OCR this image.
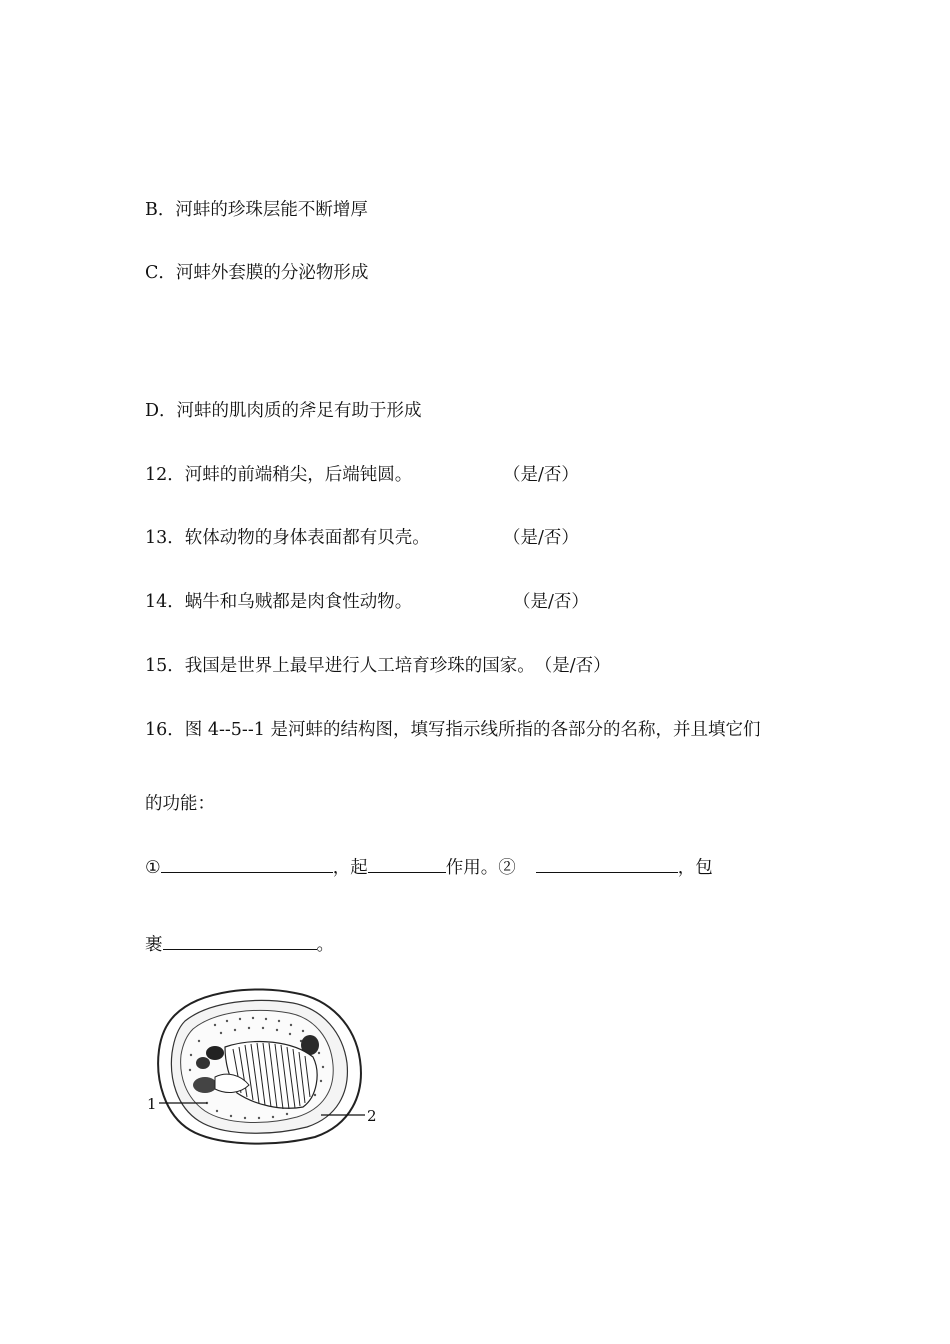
B．河蚌的珍珠层能不断增厚
C．河蚌外套膜的分泌物形成
D．河蚌的肌肉质的斧足有助于形成
12．河蚌的前端稍尖，后端钝圆。	（是/否）
13．软体动物的身体表面都有贝壳。	（是/否）
14．蜗牛和乌贼都是肉食性动物。	（是/否）
15．我国是世界上最早进行人工培育珍珠的国家。（是/否）
16．图 4--5--1 是河蚌的结构图，填写指示线所指的各部分的名称，并且填它们
的功能：
①	，起	作用。②	，包
裹	。
1
2
